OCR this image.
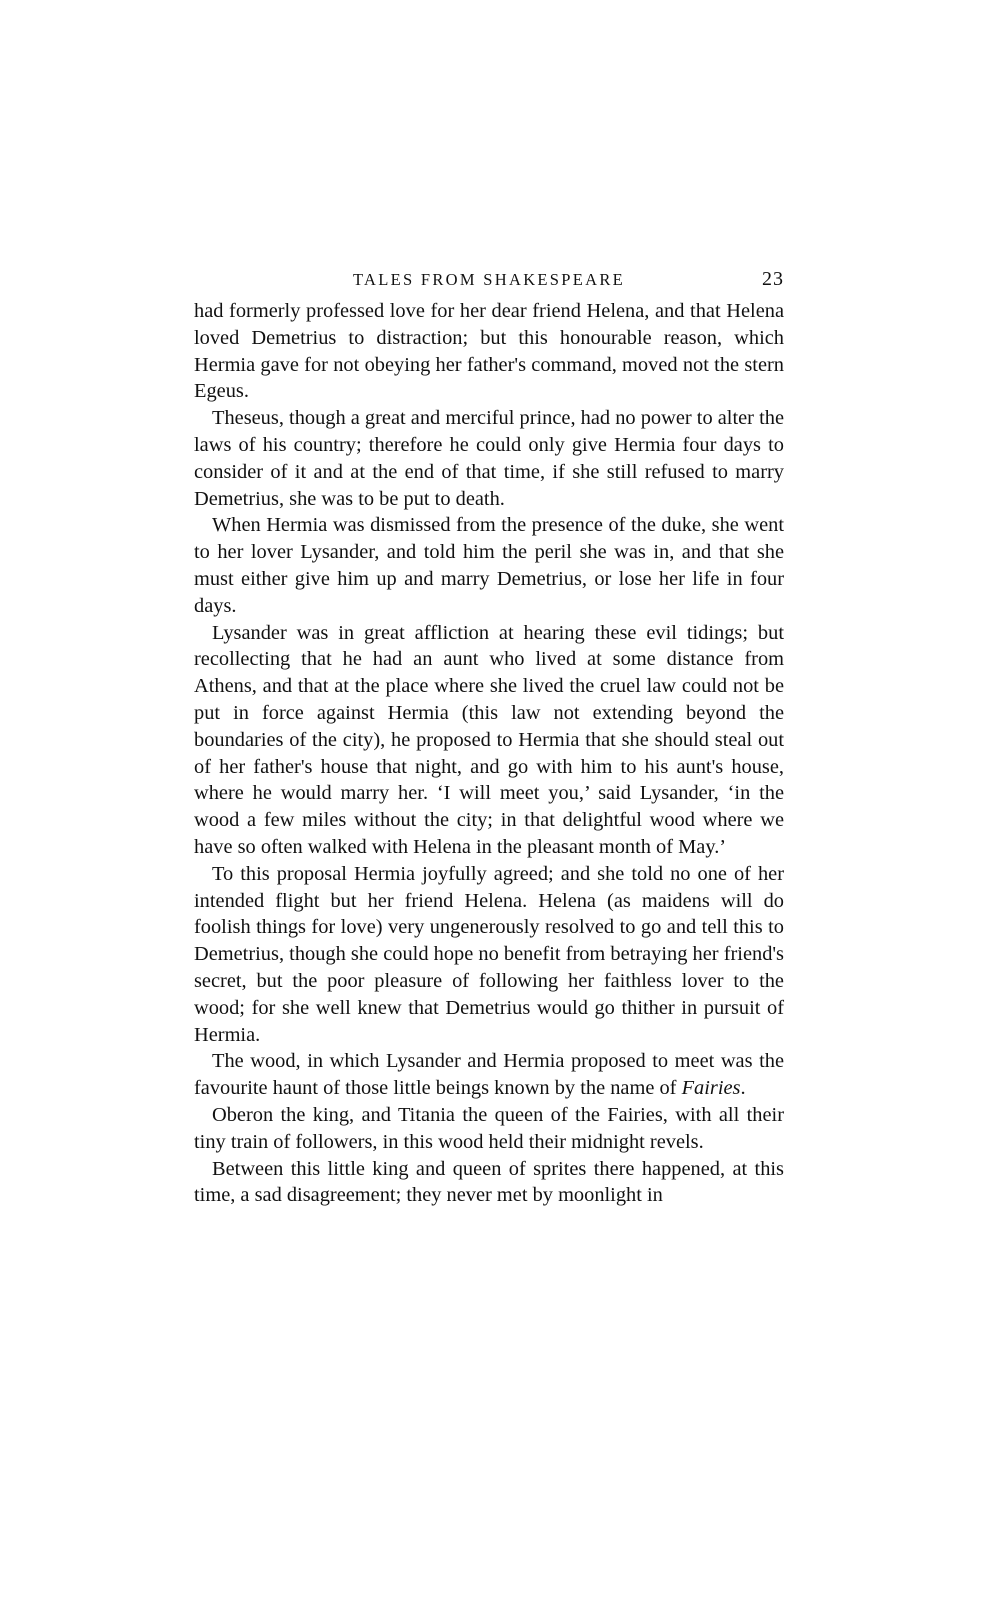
TALES FROM SHAKESPEARE	23

had formerly professed love for her dear friend Helena, and that Helena loved Demetrius to distraction; but this honourable reason, which Hermia gave for not obeying her father's command, moved not the stern Egeus.

Theseus, though a great and merciful prince, had no power to alter the laws of his country; therefore he could only give Hermia four days to consider of it and at the end of that time, if she still refused to marry Demetrius, she was to be put to death.

When Hermia was dismissed from the presence of the duke, she went to her lover Lysander, and told him the peril she was in, and that she must either give him up and marry Demetrius, or lose her life in four days.

Lysander was in great affliction at hearing these evil tidings; but recollecting that he had an aunt who lived at some distance from Athens, and that at the place where she lived the cruel law could not be put in force against Hermia (this law not extending beyond the boundaries of the city), he proposed to Hermia that she should steal out of her father's house that night, and go with him to his aunt's house, where he would marry her. ‘I will meet you,’ said Lysander, ‘in the wood a few miles without the city; in that delightful wood where we have so often walked with Helena in the pleasant month of May.’

To this proposal Hermia joyfully agreed; and she told no one of her intended flight but her friend Helena. Helena (as maidens will do foolish things for love) very ungenerously resolved to go and tell this to Demetrius, though she could hope no benefit from betraying her friend's secret, but the poor pleasure of following her faithless lover to the wood; for she well knew that Demetrius would go thither in pursuit of Hermia.

The wood, in which Lysander and Hermia proposed to meet was the favourite haunt of those little beings known by the name of Fairies.

Oberon the king, and Titania the queen of the Fairies, with all their tiny train of followers, in this wood held their midnight revels.

Between this little king and queen of sprites there happened, at this time, a sad disagreement; they never met by moonlight in
